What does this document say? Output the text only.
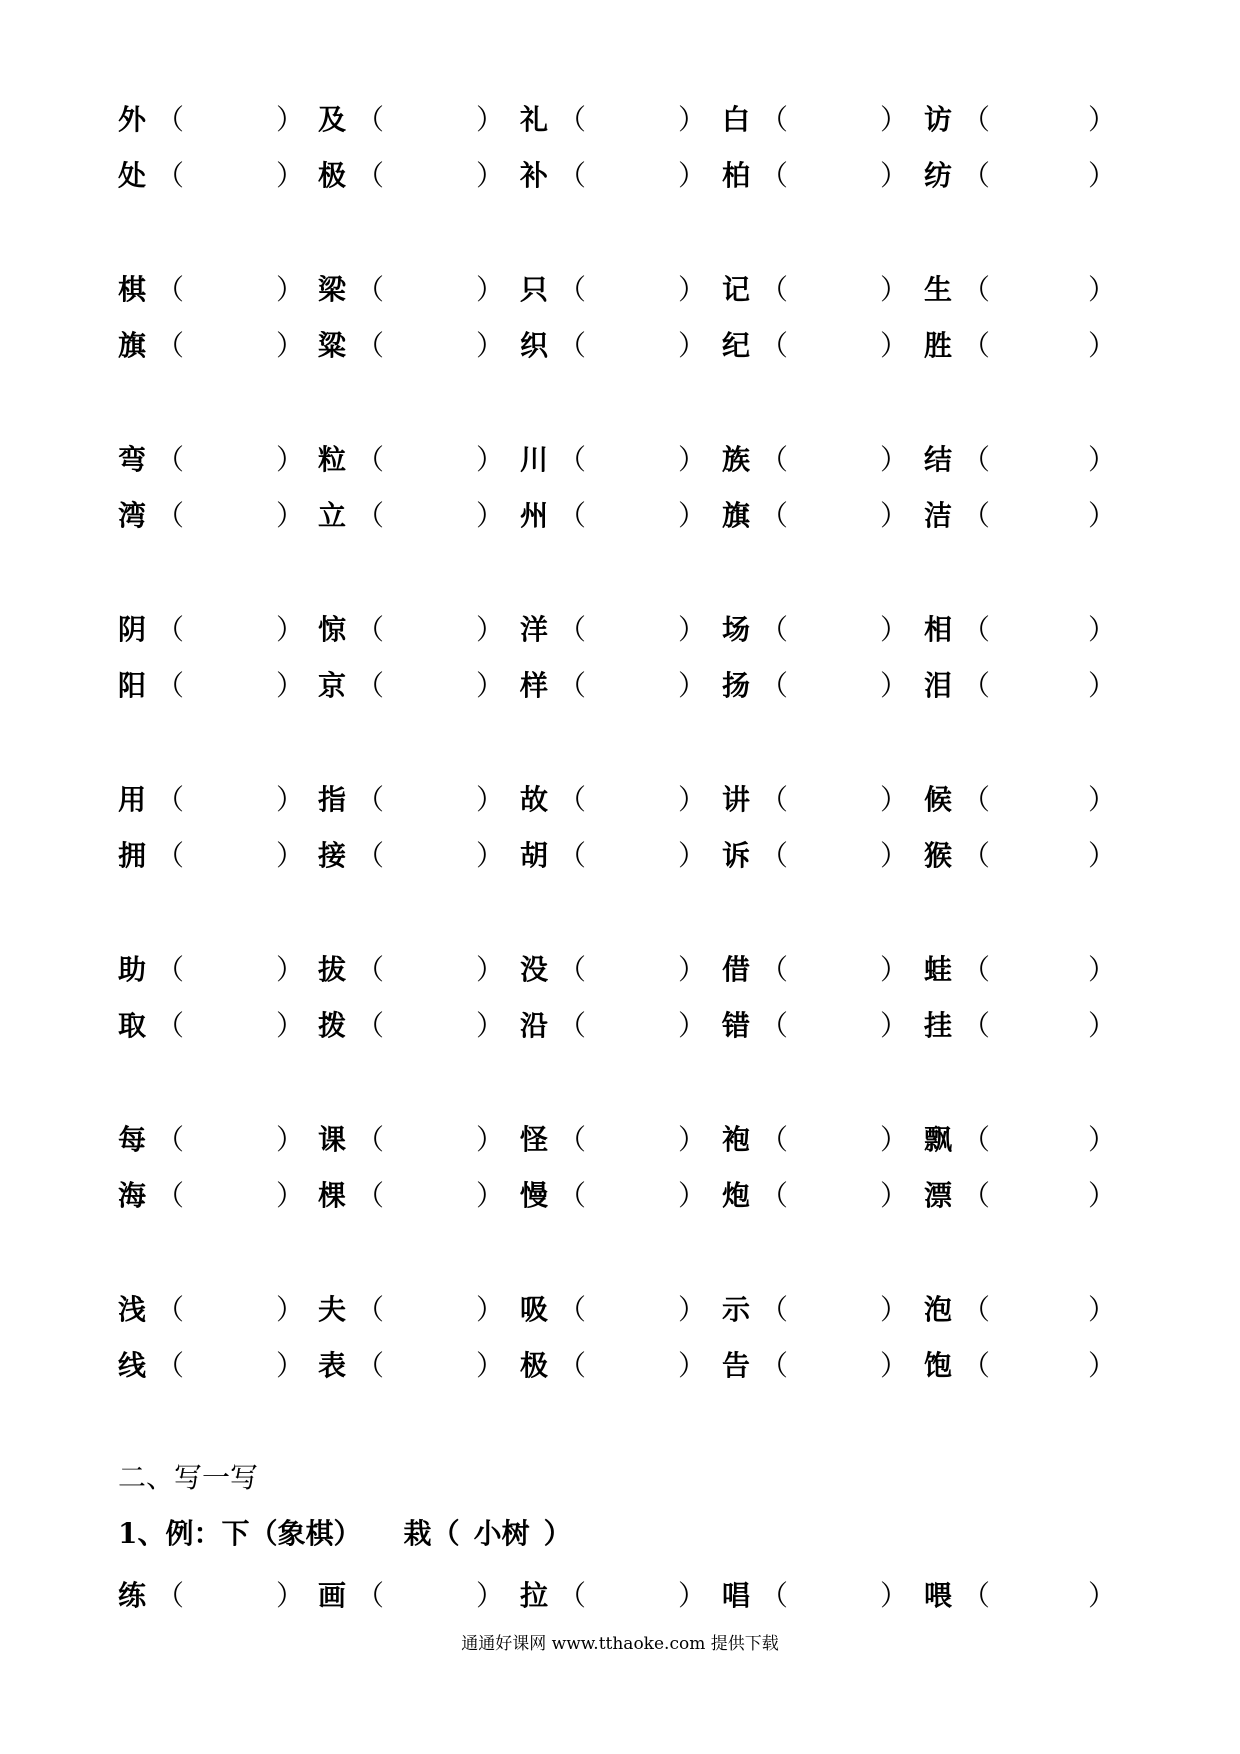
外 （	） 及 （	） 礼 （	） 白 （	） 访 （	）
处 （	） 极 （	） 补 （	） 柏 （	） 纺 （	）
棋 （	） 梁 （	） 只 （	） 记 （	） 生 （	）
旗 （	） 粱 （	） 织 （	） 纪 （	） 胜 （	）
弯 （	） 粒 （	） 川 （	） 族 （	） 结 （	）
湾 （	） 立 （	） 州 （	） 旗 （	） 洁 （	）
阴 （	） 惊 （	） 洋 （	） 场 （	） 相 （	）
阳 （	） 京 （	） 样 （	） 扬 （	） 泪 （	）
用 （	） 指 （	） 故 （	） 讲 （	） 候 （	）
拥 （	） 接 （	） 胡 （	） 诉 （	） 猴 （	）
助 （	） 拔 （	） 没 （	） 借 （	） 蛙 （	）
取 （	） 拨 （	） 沿 （	） 错 （	） 挂 （	）
每 （	） 课 （	） 怪 （	） 袍 （	） 飘 （	）
海 （	） 棵 （	） 慢 （	） 炮 （	） 漂 （	）
浅 （	） 夫 （	） 吸 （	） 示 （	） 泡 （	）
线 （	） 表 （	） 极 （	） 告 （	） 饱 （	）
二、写一写
1、例：下（象棋） 栽（ 小树 ）
练 （	） 画 （	） 拉 （	） 唱 （	） 喂 （	）
通通好课网 www.tthaoke.com 提供下载
